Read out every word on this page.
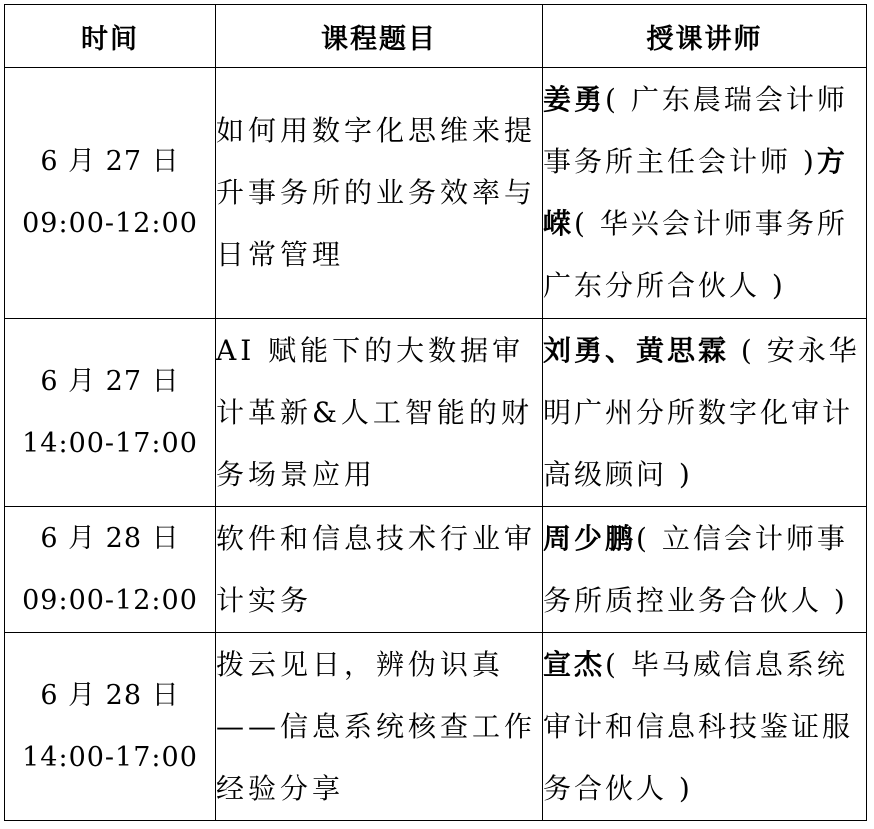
时间	课程题目	授课讲师

6 月 27 日
09:00-12:00	如何用数字化思维来提升事务所的业务效率与日常管理	姜勇( 广东晨瑞会计师事务所主任会计师 )方嵘( 华兴会计师事务所广东分所合伙人 )

6 月 27 日
14:00-17:00	AI 赋能下的大数据审计革新&人工智能的财务场景应用	刘勇、黄思霖 ( 安永华明广州分所数字化审计高级顾问 )

6 月 28 日
09:00-12:00	软件和信息技术行业审计实务	周少鹏( 立信会计师事务所质控业务合伙人 )

6 月 28 日
14:00-17:00	拨云见日，辨伪识真——信息系统核查工作经验分享	宣杰( 毕马威信息系统审计和信息科技鉴证服务合伙人 )
